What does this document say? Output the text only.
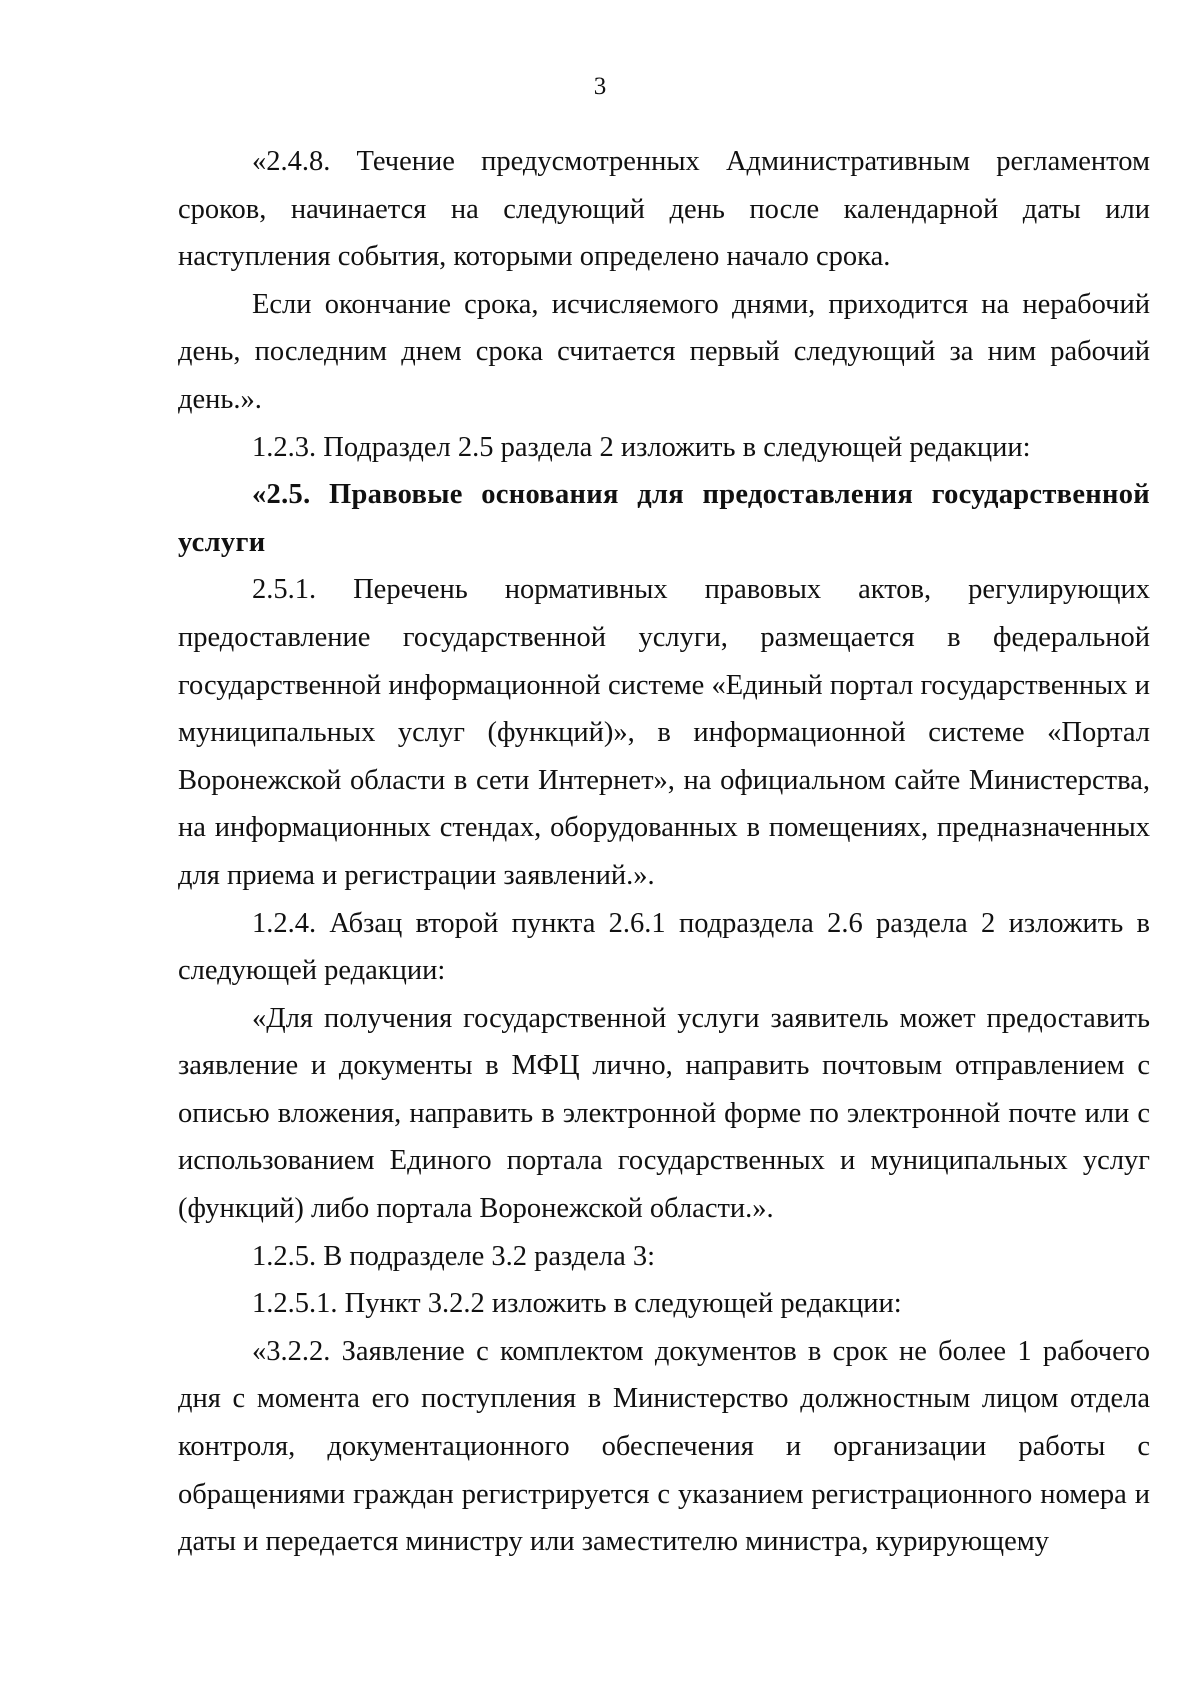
3

«2.4.8. Течение предусмотренных Административным регламентом сроков, начинается на следующий день после календарной даты или наступления события, которыми определено начало срока.

Если окончание срока, исчисляемого днями, приходится на нерабочий день, последним днем срока считается первый следующий за ним рабочий день.».

1.2.3. Подраздел 2.5 раздела 2 изложить в следующей редакции:

«2.5. Правовые основания для предоставления государственной услуги

2.5.1. Перечень нормативных правовых актов, регулирующих предоставление государственной услуги, размещается в федеральной государственной информационной системе «Единый портал государственных и муниципальных услуг (функций)», в информационной системе «Портал Воронежской области в сети Интернет», на официальном сайте Министерства, на информационных стендах, оборудованных в помещениях, предназначенных для приема и регистрации заявлений.».

1.2.4. Абзац второй пункта 2.6.1 подраздела 2.6 раздела 2 изложить в следующей редакции:

«Для получения государственной услуги заявитель может предоставить заявление и документы в МФЦ лично, направить почтовым отправлением с описью вложения, направить в электронной форме по электронной почте или с использованием Единого портала государственных и муниципальных услуг (функций) либо портала Воронежской области.».

1.2.5. В подразделе 3.2 раздела 3:

1.2.5.1. Пункт 3.2.2 изложить в следующей редакции:

«3.2.2. Заявление с комплектом документов в срок не более 1 рабочего дня с момента его поступления в Министерство должностным лицом отдела контроля, документационного обеспечения и организации работы с обращениями граждан регистрируется с указанием регистрационного номера и даты и передается министру или заместителю министра, курирующему
